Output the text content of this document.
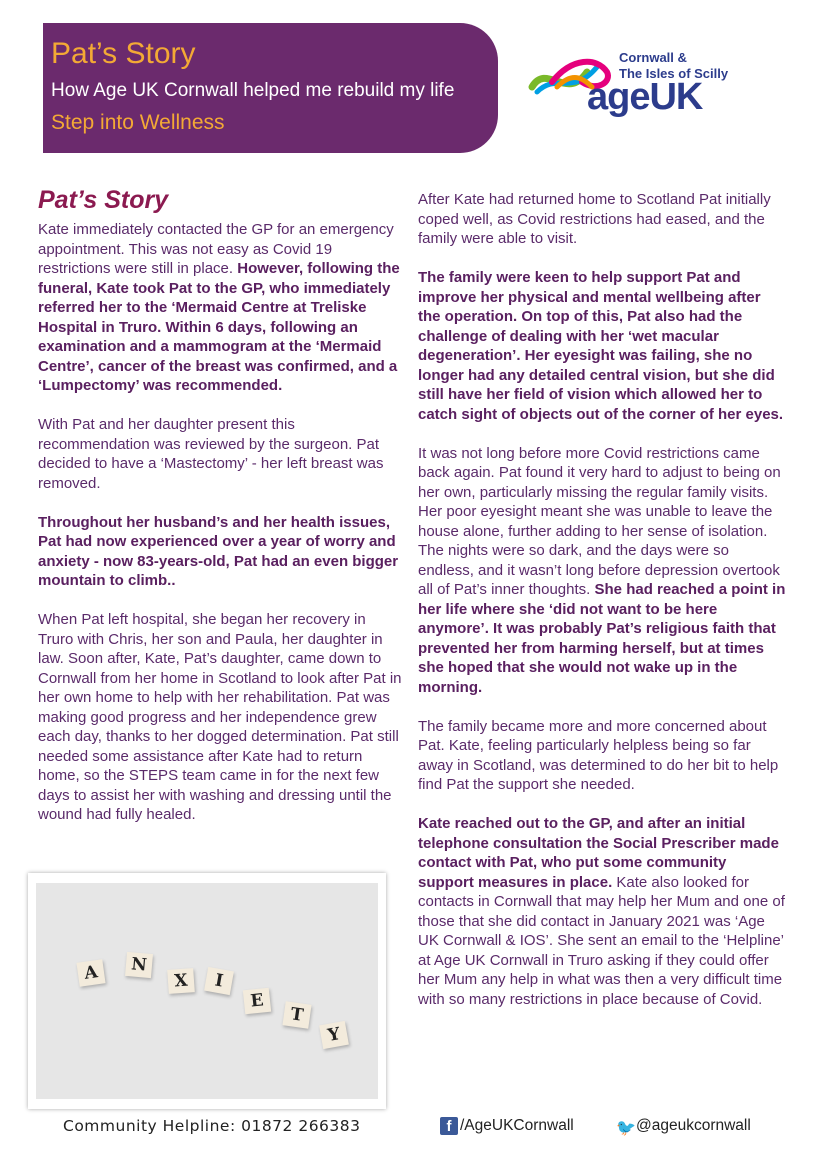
Pat’s Story
How Age UK Cornwall helped me rebuild my life
Step into Wellness
Cornwall &
The Isles of Scilly
ageUK
Pat’s Story

Kate immediately contacted the GP for an emergency appointment. This was not easy as Covid 19 restrictions were still in place. However, following the funeral, Kate took Pat to the GP, who immediately referred her to the ‘Mermaid Centre at Treliske Hospital in Truro. Within 6 days, following an examination and a mammogram at the ‘Mermaid Centre’, cancer of the breast was confirmed, and a ‘Lumpectomy’ was recommended.

With Pat and her daughter present this recommendation was reviewed by the surgeon. Pat decided to have a ‘Mastectomy’ - her left breast was removed.

Throughout her husband’s and her health issues, Pat had now experienced over a year of worry and anxiety - now 83-years-old, Pat had an even bigger mountain to climb..

When Pat left hospital, she began her recovery in Truro with Chris, her son and Paula, her daughter in law. Soon after, Kate, Pat’s daughter, came down to Cornwall from her home in Scotland to look after Pat in her own home to help with her rehabilitation. Pat was making good progress and her independence grew each day, thanks to her dogged determination. Pat still needed some assistance after Kate had to return home, so the STEPS team came in for the next few days to assist her with washing and dressing until the wound had fully healed.

A	N
X	I
E
T
Y

After Kate had returned home to Scotland Pat initially coped well, as Covid restrictions had eased, and the family were able to visit.

The family were keen to help support Pat and improve her physical and mental wellbeing after the operation. On top of this, Pat also had the challenge of dealing with her ‘wet macular degeneration’. Her eyesight was failing, she no longer had any detailed central vision, but she did still have her field of vision which allowed her to catch sight of objects out of the corner of her eyes.

It was not long before more Covid restrictions came back again. Pat found it very hard to adjust to being on her own, particularly missing the regular family visits. Her poor eyesight meant she was unable to leave the house alone, further adding to her sense of isolation. The nights were so dark, and the days were so endless, and it wasn’t long before depression overtook all of Pat’s inner thoughts. She had reached a point in her life where she ‘did not want to be here anymore’. It was probably Pat’s religious faith that prevented her from harming herself, but at times she hoped that she would not wake up in the morning.

The family became more and more concerned about Pat. Kate, feeling particularly helpless being so far away in Scotland, was determined to do her bit to help find Pat the support she needed.

Kate reached out to the GP, and after an initial telephone consultation the Social Prescriber made contact with Pat, who put some community support measures in place. Kate also looked for contacts in Cornwall that may help her Mum and one of those that she did contact in January 2021 was ‘Age UK Cornwall & IOS’. She sent an email to the ‘Helpline’ at Age UK Cornwall in Truro asking if they could offer her Mum any help in what was then a very difficult time with so many restrictions in place because of Covid.

Community Helpline: 01872 266383	f /AgeUKCornwall	🐦 @ageukcornwall
